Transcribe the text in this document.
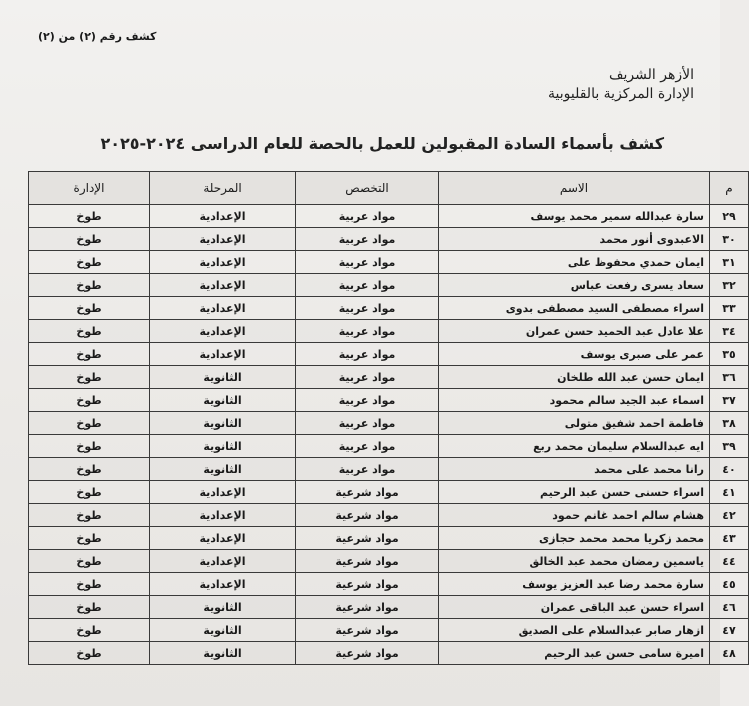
كشف رقم (٢) من (٢)
الأزهر الشريف
الإدارة المركزية بالقليوبية
كشف بأسماء السادة المقبولين للعمل بالحصة للعام الدراسى ٢٠٢٤-٢٠٢٥
م	الاسم	التخصص	المرحلة	الإدارة
٢٩	سارة عبدالله سمير محمد يوسف	مواد عربية	الإعدادية	طوخ
٣٠	الاعبدوى أنور محمد	مواد عربية	الإعدادية	طوخ
٣١	ايمان حمدي محفوظ على	مواد عربية	الإعدادية	طوخ
٣٢	سعاد يسرى رفعت عباس	مواد عربية	الإعدادية	طوخ
٣٣	اسراء مصطفى السيد مصطفى بدوى	مواد عربية	الإعدادية	طوخ
٣٤	علا عادل عبد الحميد حسن عمران	مواد عربية	الإعدادية	طوخ
٣٥	عمر على صبرى يوسف	مواد عربية	الإعدادية	طوخ
٣٦	ايمان حسن عبد الله طلخان	مواد عربية	الثانوية	طوخ
٣٧	اسماء عبد الجيد سالم محمود	مواد عربية	الثانوية	طوخ
٣٨	فاطمة احمد شفيق متولى	مواد عربية	الثانوية	طوخ
٣٩	ايه عبدالسلام سليمان محمد ربع	مواد عربية	الثانوية	طوخ
٤٠	رانا محمد على محمد	مواد عربية	الثانوية	طوخ
٤١	اسراء حسنى حسن عبد الرحيم	مواد شرعية	الإعدادية	طوخ
٤٢	هشام سالم احمد غانم حمود	مواد شرعية	الإعدادية	طوخ
٤٣	محمد زكريا محمد محمد حجازى	مواد شرعية	الإعدادية	طوخ
٤٤	ياسمين رمضان محمد عبد الخالق	مواد شرعية	الإعدادية	طوخ
٤٥	سارة محمد رضا عبد العزيز يوسف	مواد شرعية	الإعدادية	طوخ
٤٦	اسراء حسن عبد الباقى عمران	مواد شرعية	الثانوية	طوخ
٤٧	ازهار صابر عبدالسلام على الصديق	مواد شرعية	الثانوية	طوخ
٤٨	اميرة سامى حسن عبد الرحيم	مواد شرعية	الثانوية	طوخ
